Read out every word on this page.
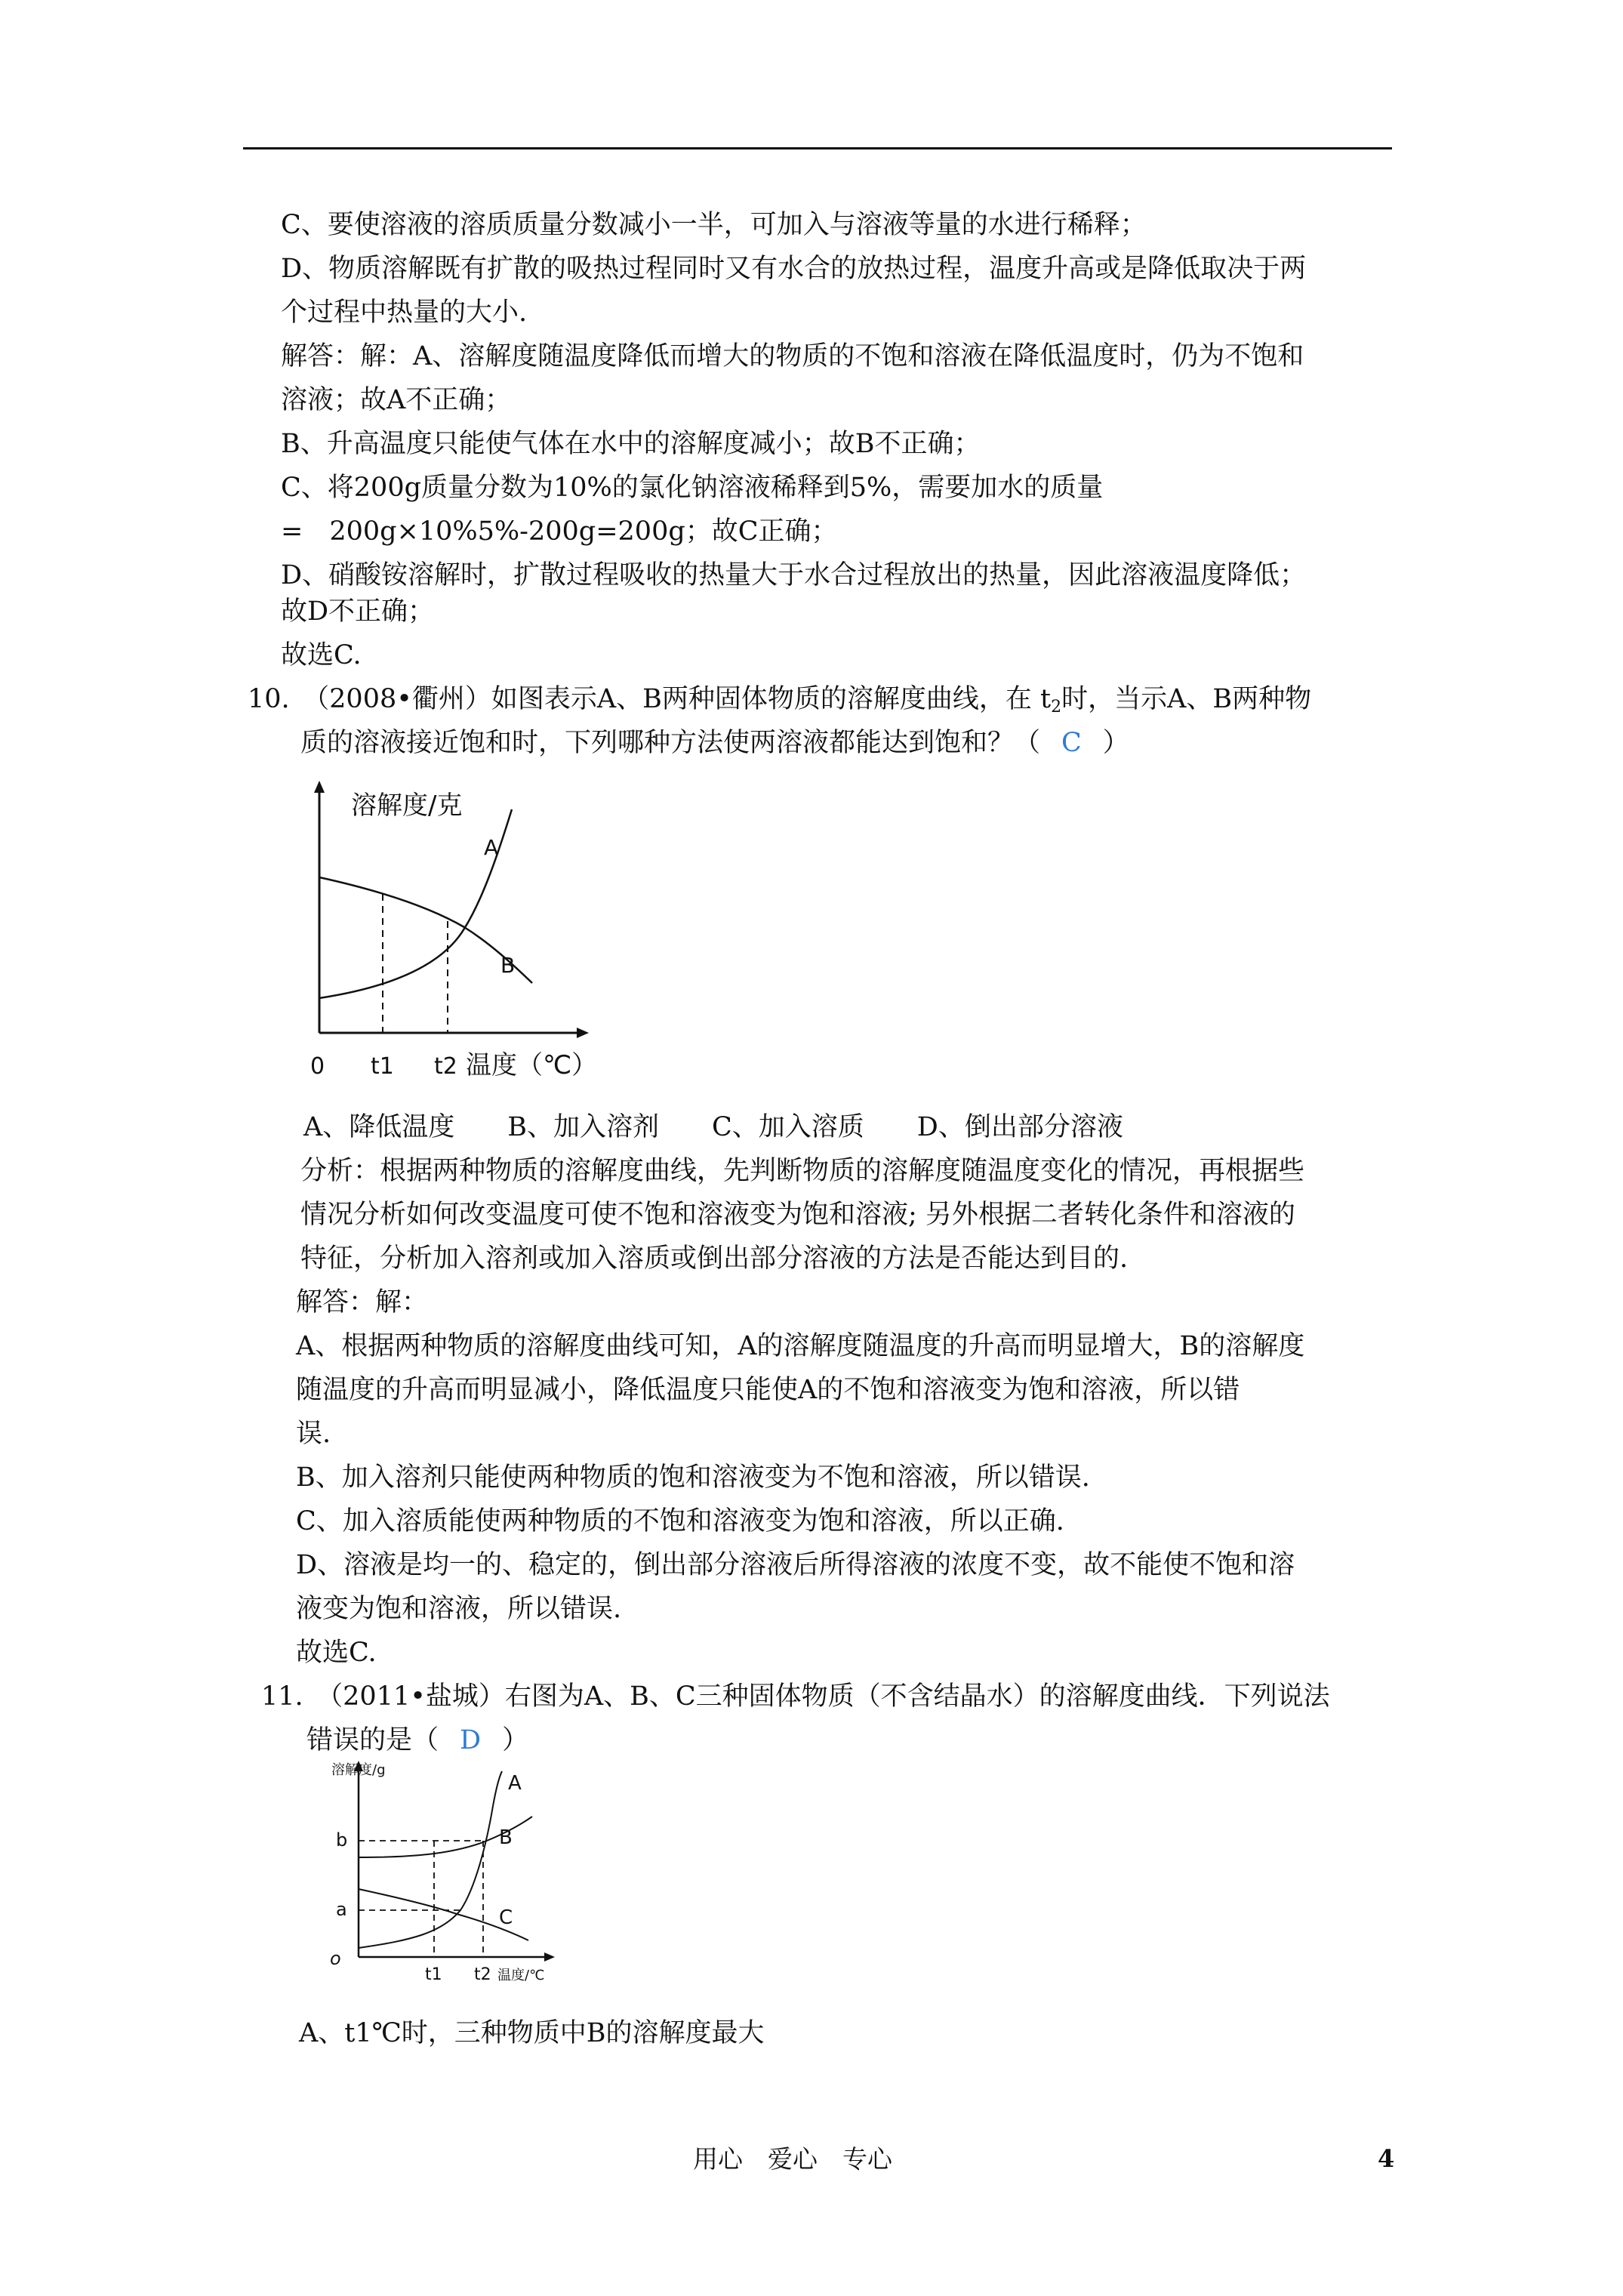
C、要使溶液的溶质质量分数减小一半，可加入与溶液等量的水进行稀释；
D、物质溶解既有扩散的吸热过程同时又有水合的放热过程，温度升高或是降低取决于两
个过程中热量的大小.
解答：解：A、溶解度随温度降低而增大的物质的不饱和溶液在降低温度时，仍为不饱和
溶液；故A不正确；
B、升高温度只能使气体在水中的溶解度减小；故B不正确；
C、将200g质量分数为10%的氯化钠溶液稀释到5%，需要加水的质量
=　200g×10%5%-200g=200g；故C正确；
D、硝酸铵溶解时，扩散过程吸收的热量大于水合过程放出的热量，因此溶液温度降低；
故D不正确；
故选C.
10.　（2008•衢州）如图表示A、B两种固体物质的溶解度曲线，在 $t_2$时，当示A、B两种物
质的溶液接近饱和时，下列哪种方法使两溶液都能达到饱和？（ C ）
溶解度/克
A
B
0 t1 t2 温度（℃）
A、降低温度　　B、加入溶剂　　C、加入溶质　　D、倒出部分溶液
分析：根据两种物质的溶解度曲线，先判断物质的溶解度随温度变化的情况，再根据些
情况分析如何改变温度可使不饱和溶液变为饱和溶液; 另外根据二者转化条件和溶液的
特征，分析加入溶剂或加入溶质或倒出部分溶液的方法是否能达到目的.
解答：解：
A、根据两种物质的溶解度曲线可知，A的溶解度随温度的升高而明显增大，B的溶解度
随温度的升高而明显减小，降低温度只能使A的不饱和溶液变为饱和溶液，所以错
误.
B、加入溶剂只能使两种物质的饱和溶液变为不饱和溶液，所以错误.
C、加入溶质能使两种物质的不饱和溶液变为饱和溶液，所以正确.
D、溶液是均一的、稳定的，倒出部分溶液后所得溶液的浓度不变，故不能使不饱和溶
液变为饱和溶液，所以错误.
故选C.
11.　（2011•盐城）右图为A、B、C三种固体物质（不含结晶水）的溶解度曲线．下列说法
错误的是（ D ）
溶解度/g
b
a
o
A
B
C
t1 t2 温度/℃
A、t1℃时，三种物质中B的溶解度最大
用心　爱心　专心	4
